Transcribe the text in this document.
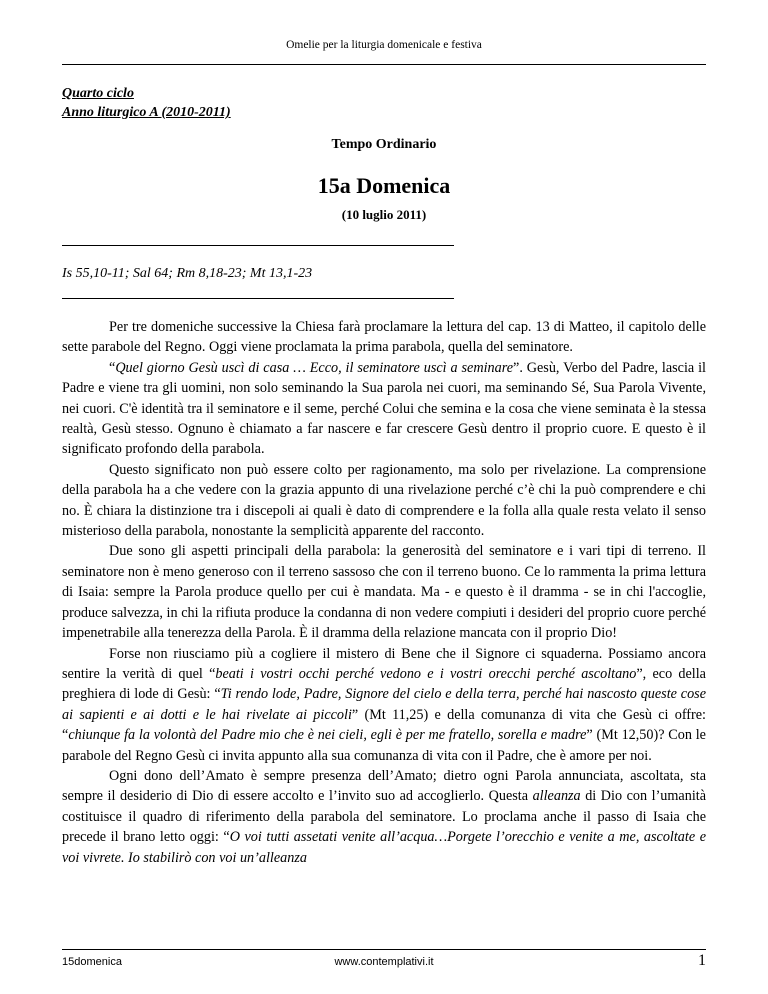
Omelie per la liturgia domenicale e festiva
Quarto ciclo
Anno liturgico A (2010-2011)
Tempo Ordinario
15a Domenica
(10 luglio 2011)
Is 55,10-11; Sal 64; Rm 8,18-23; Mt 13,1-23

Per tre domeniche successive la Chiesa farà proclamare la lettura del cap. 13 di Matteo, il capitolo delle sette parabole del Regno. Oggi viene proclamata la prima parabola, quella del seminatore.

“Quel giorno Gesù uscì di casa … Ecco, il seminatore uscì a seminare”. Gesù, Verbo del Padre, lascia il Padre e viene tra gli uomini, non solo seminando la Sua parola nei cuori, ma seminando Sé, Sua Parola Vivente, nei cuori. C'è identità tra il seminatore e il seme, perché Colui che semina e la cosa che viene seminata è la stessa realtà, Gesù stesso. Ognuno è chiamato a far nascere e far crescere Gesù dentro il proprio cuore. E questo è il significato profondo della parabola.

Questo significato non può essere colto per ragionamento, ma solo per rivelazione. La comprensione della parabola ha a che vedere con la grazia appunto di una rivelazione perché c’è chi la può comprendere e chi no. È chiara la distinzione tra i discepoli ai quali è dato di comprendere e la folla alla quale resta velato il senso misterioso della parabola, nonostante la semplicità apparente del racconto.

Due sono gli aspetti principali della parabola: la generosità del seminatore e i vari tipi di terreno. Il seminatore non è meno generoso con il terreno sassoso che con il terreno buono. Ce lo rammenta la prima lettura di Isaia: sempre la Parola produce quello per cui è mandata. Ma - e questo è il dramma - se in chi l'accoglie, produce salvezza, in chi la rifiuta produce la condanna di non vedere compiuti i desideri del proprio cuore perché impenetrabile alla tenerezza della Parola. È il dramma della relazione mancata con il proprio Dio!

Forse non riusciamo più a cogliere il mistero di Bene che il Signore ci squaderna. Possiamo ancora sentire la verità di quel “beati i vostri occhi perché vedono e i vostri orecchi perché ascoltano”, eco della preghiera di lode di Gesù: “Ti rendo lode, Padre, Signore del cielo e della terra, perché hai nascosto queste cose ai sapienti e ai dotti e le hai rivelate ai piccoli” (Mt 11,25) e della comunanza di vita che Gesù ci offre: “chiunque fa la volontà del Padre mio che è nei cieli, egli è per me fratello, sorella e madre” (Mt 12,50)? Con le parabole del Regno Gesù ci invita appunto alla sua comunanza di vita con il Padre, che è amore per noi.

Ogni dono dell’Amato è sempre presenza dell’Amato; dietro ogni Parola annunciata, ascoltata, sta sempre il desiderio di Dio di essere accolto e l’invito suo ad accoglierlo. Questa alleanza di Dio con l’umanità costituisce il quadro di riferimento della parabola del seminatore. Lo proclama anche il passo di Isaia che precede il brano letto oggi: “O voi tutti assetati venite all’acqua…Porgete l’orecchio e venite a me, ascoltate e voi vivrete. Io stabilirò con voi un’alleanza

15domenica	www.contemplativi.it	1
